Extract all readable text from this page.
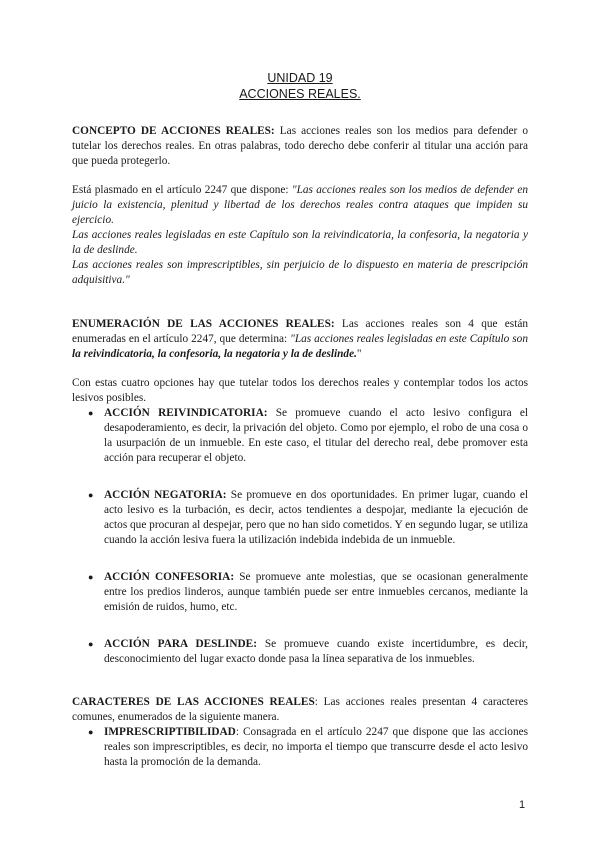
UNIDAD 19

ACCIONES REALES.

CONCEPTO DE ACCIONES REALES: Las acciones reales son los medios para defender o tutelar los derechos reales. En otras palabras, todo derecho debe conferir al titular una acción para que pueda protegerlo.

Está plasmado en el artículo 2247 que dispone: "Las acciones reales son los medios de defender en juicio la existencia, plenitud y libertad de los derechos reales contra ataques que impiden su ejercicio.

Las acciones reales legisladas en este Capítulo son la reivindicatoria, la confesoria, la negatoria y la de deslinde.

Las acciones reales son imprescriptibles, sin perjuicio de lo dispuesto en materia de prescripción adquisitiva."

ENUMERACIÓN DE LAS ACCIONES REALES: Las acciones reales son 4 que están enumeradas en el artículo 2247, que determina: "Las acciones reales legisladas en este Capítulo son la reivindicatoria, la confesoria, la negatoria y la de deslinde."

Con estas cuatro opciones hay que tutelar todos los derechos reales y contemplar todos los actos lesivos posibles.

● ACCIÓN REIVINDICATORIA: Se promueve cuando el acto lesivo configura el desapoderamiento, es decir, la privación del objeto. Como por ejemplo, el robo de una cosa o la usurpación de un inmueble. En este caso, el titular del derecho real, debe promover esta acción para recuperar el objeto.
● ACCIÓN NEGATORIA: Se promueve en dos oportunidades. En primer lugar, cuando el acto lesivo es la turbación, es decir, actos tendientes a despojar, mediante la ejecución de actos que procuran al despejar, pero que no han sido cometidos. Y en segundo lugar, se utiliza cuando la acción lesiva fuera la utilización indebida indebida de un inmueble.
● ACCIÓN CONFESORIA: Se promueve ante molestias, que se ocasionan generalmente entre los predios linderos, aunque también puede ser entre inmuebles cercanos, mediante la emisión de ruidos, humo, etc.
● ACCIÓN PARA DESLINDE: Se promueve cuando existe incertidumbre, es decir, desconocimiento del lugar exacto donde pasa la línea separativa de los inmuebles.

CARACTERES DE LAS ACCIONES REALES: Las acciones reales presentan 4 caracteres comunes, enumerados de la siguiente manera.

● IMPRESCRIPTIBILIDAD: Consagrada en el artículo 2247 que dispone que las acciones reales son imprescriptibles, es decir, no importa el tiempo que transcurre desde el acto lesivo hasta la promoción de la demanda.
1
